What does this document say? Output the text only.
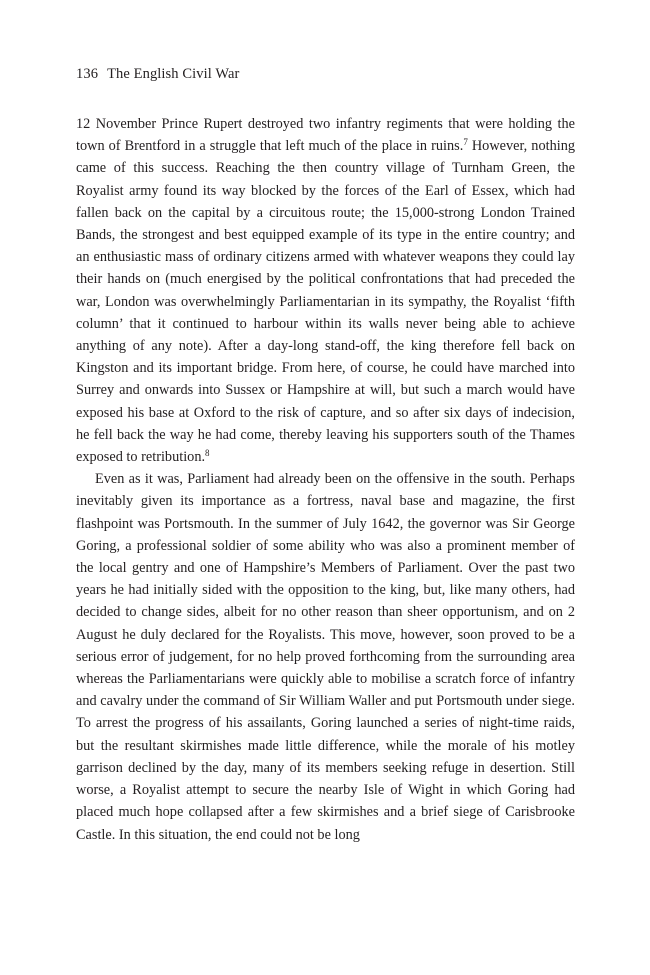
136 The English Civil War

12 November Prince Rupert destroyed two infantry regiments that were holding the town of Brentford in a struggle that left much of the place in ruins.$^7$ However, nothing came of this success. Reaching the then country village of Turnham Green, the Royalist army found its way blocked by the forces of the Earl of Essex, which had fallen back on the capital by a circuitous route; the 15,000-strong London Trained Bands, the strongest and best equipped example of its type in the entire country; and an enthusiastic mass of ordinary citizens armed with whatever weapons they could lay their hands on (much energised by the political confrontations that had preceded the war, London was overwhelmingly Parliamentarian in its sympathy, the Royalist ‘fifth column’ that it continued to harbour within its walls never being able to achieve anything of any note). After a day-long stand-off, the king therefore fell back on Kingston and its important bridge. From here, of course, he could have marched into Surrey and onwards into Sussex or Hampshire at will, but such a march would have exposed his base at Oxford to the risk of capture, and so after six days of indecision, he fell back the way he had come, thereby leaving his supporters south of the Thames exposed to retribution.$^8$

Even as it was, Parliament had already been on the offensive in the south. Perhaps inevitably given its importance as a fortress, naval base and magazine, the first flashpoint was Portsmouth. In the summer of July 1642, the governor was Sir George Goring, a professional soldier of some ability who was also a prominent member of the local gentry and one of Hampshire’s Members of Parliament. Over the past two years he had initially sided with the opposition to the king, but, like many others, had decided to change sides, albeit for no other reason than sheer opportunism, and on 2 August he duly declared for the Royalists. This move, however, soon proved to be a serious error of judgement, for no help proved forthcoming from the surrounding area whereas the Parliamentarians were quickly able to mobilise a scratch force of infantry and cavalry under the command of Sir William Waller and put Portsmouth under siege. To arrest the progress of his assailants, Goring launched a series of night-time raids, but the resultant skirmishes made little difference, while the morale of his motley garrison declined by the day, many of its members seeking refuge in desertion. Still worse, a Royalist attempt to secure the nearby Isle of Wight in which Goring had placed much hope collapsed after a few skirmishes and a brief siege of Carisbrooke Castle. In this situation, the end could not be long
